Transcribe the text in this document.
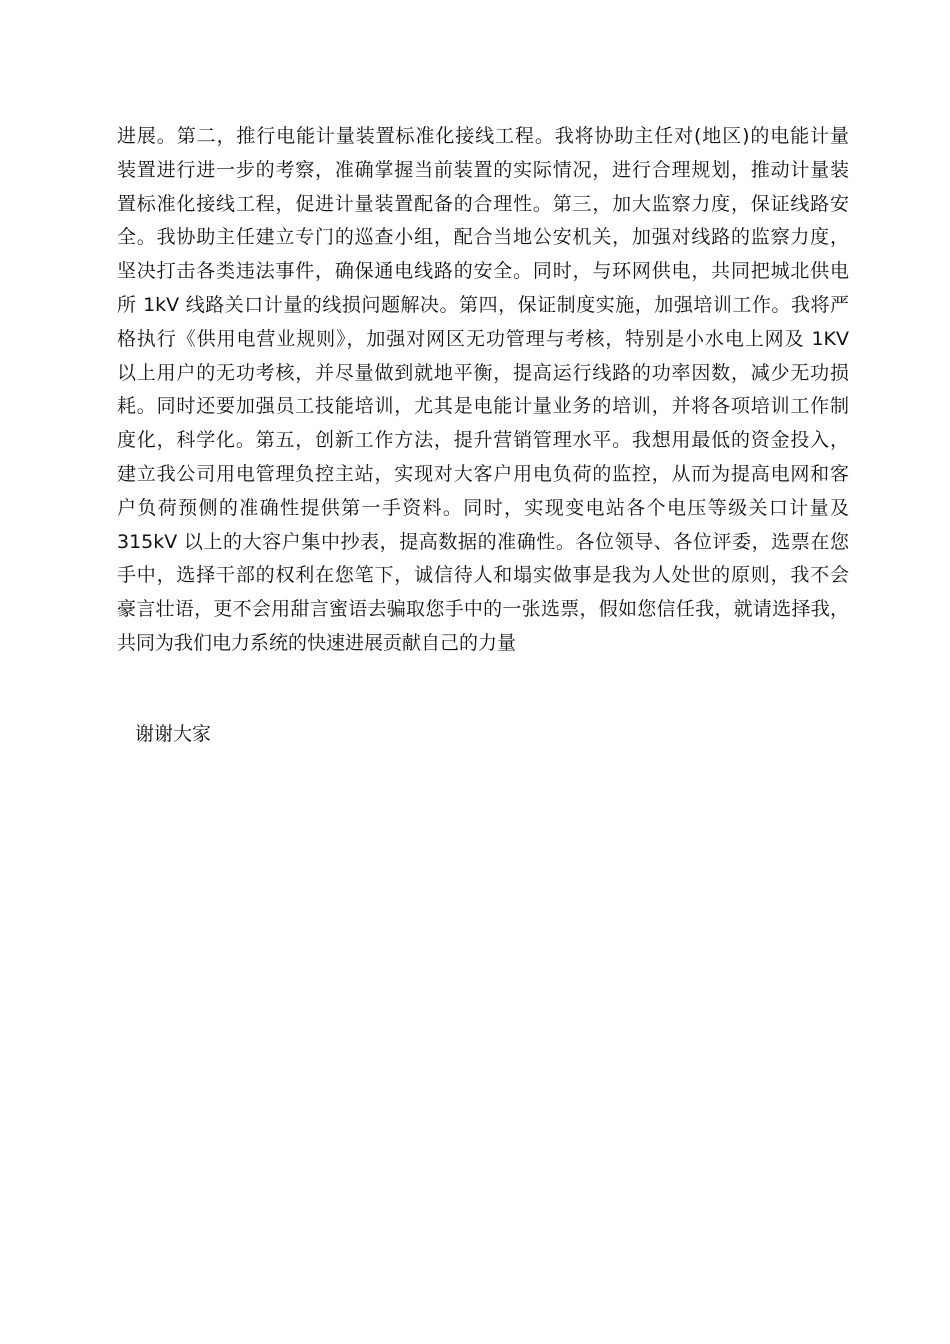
进展。第二，推行电能计量装置标准化接线工程。我将协助主任对(地区)的电能计量
装置进行进一步的考察，准确掌握当前装置的实际情况，进行合理规划，推动计量装
置标准化接线工程，促进计量装置配备的合理性。第三，加大监察力度，保证线路安
全。我协助主任建立专门的巡查小组，配合当地公安机关，加强对线路的监察力度，
坚决打击各类违法事件，确保通电线路的安全。同时，与环网供电，共同把城北供电
所 1kV 线路关口计量的线损问题解决。第四，保证制度实施，加强培训工作。我将严
格执行《供用电营业规则》，加强对网区无功管理与考核，特别是小水电上网及 1KV
以上用户的无功考核，并尽量做到就地平衡，提高运行线路的功率因数，减少无功损
耗。同时还要加强员工技能培训，尤其是电能计量业务的培训，并将各项培训工作制
度化，科学化。第五，创新工作方法，提升营销管理水平。我想用最低的资金投入，
建立我公司用电管理负控主站，实现对大客户用电负荷的监控，从而为提高电网和客
户负荷预侧的准确性提供第一手资料。同时，实现变电站各个电压等级关口计量及
315kV 以上的大容户集中抄表，提高数据的准确性。各位领导、各位评委，选票在您
手中，选择干部的权利在您笔下，诚信待人和塌实做事是我为人处世的原则，我不会
豪言壮语，更不会用甜言蜜语去骗取您手中的一张选票，假如您信任我，就请选择我，
共同为我们电力系统的快速进展贡献自己的力量
谢谢大家
